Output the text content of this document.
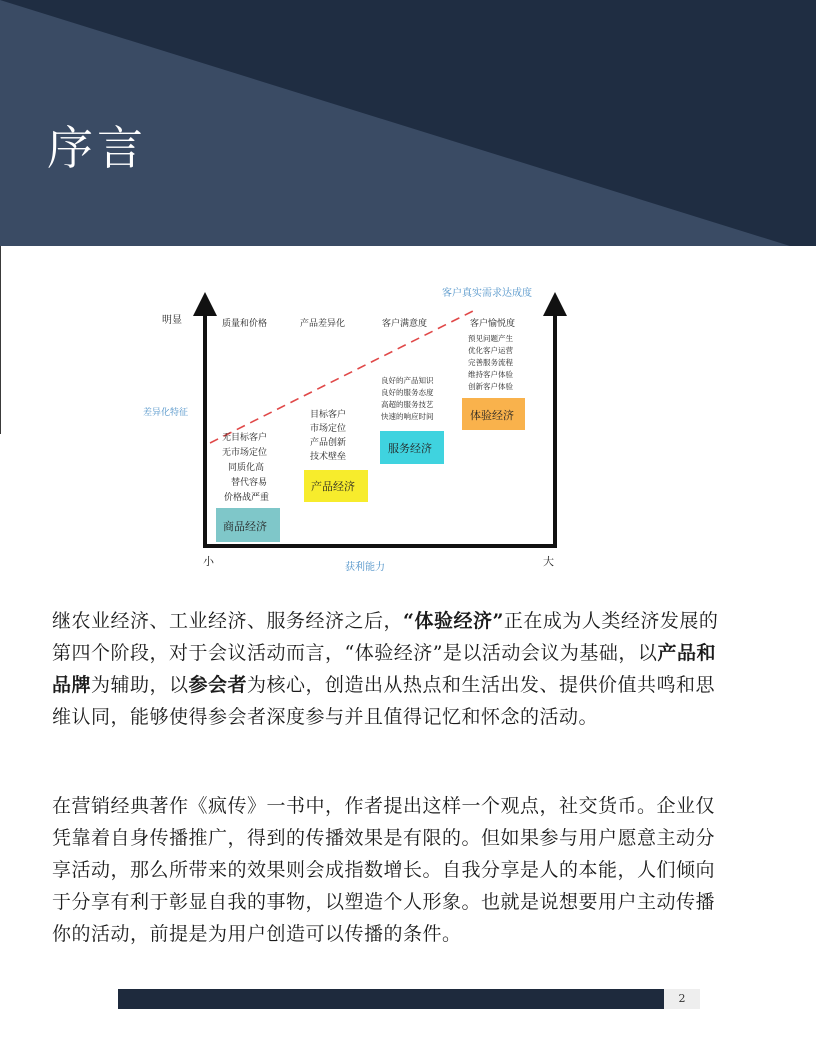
序言
明显
差异化特征
小	大
获利能力
客户真实需求达成度
质量和价格	产品差异化	客户满意度	客户愉悦度
预见问题产生
优化客户运营
完善服务流程
维持客户体验
创新客户体验
体验经济
良好的产品知识
良好的服务态度
高超的服务技艺
快速的响应时间
服务经济
目标客户
市场定位
产品创新
技术壁垒
产品经济
无目标客户
无市场定位
同质化高
替代容易
价格战严重
商品经济

继农业经济、工业经济、服务经济之后，“体验经济”正在成为人类经济发展的第四个阶段，对于会议活动而言，“体验经济”是以活动会议为基础，以产品和品牌为辅助，以参会者为核心，创造出从热点和生活出发、提供价值共鸣和思维认同，能够使得参会者深度参与并且值得记忆和怀念的活动。

在营销经典著作《疯传》一书中，作者提出这样一个观点，社交货币。企业仅凭靠着自身传播推广，得到的传播效果是有限的。但如果参与用户愿意主动分享活动，那么所带来的效果则会成指数增长。自我分享是人的本能，人们倾向于分享有利于彰显自我的事物，以塑造个人形象。也就是说想要用户主动传播你的活动，前提是为用户创造可以传播的条件。

2
